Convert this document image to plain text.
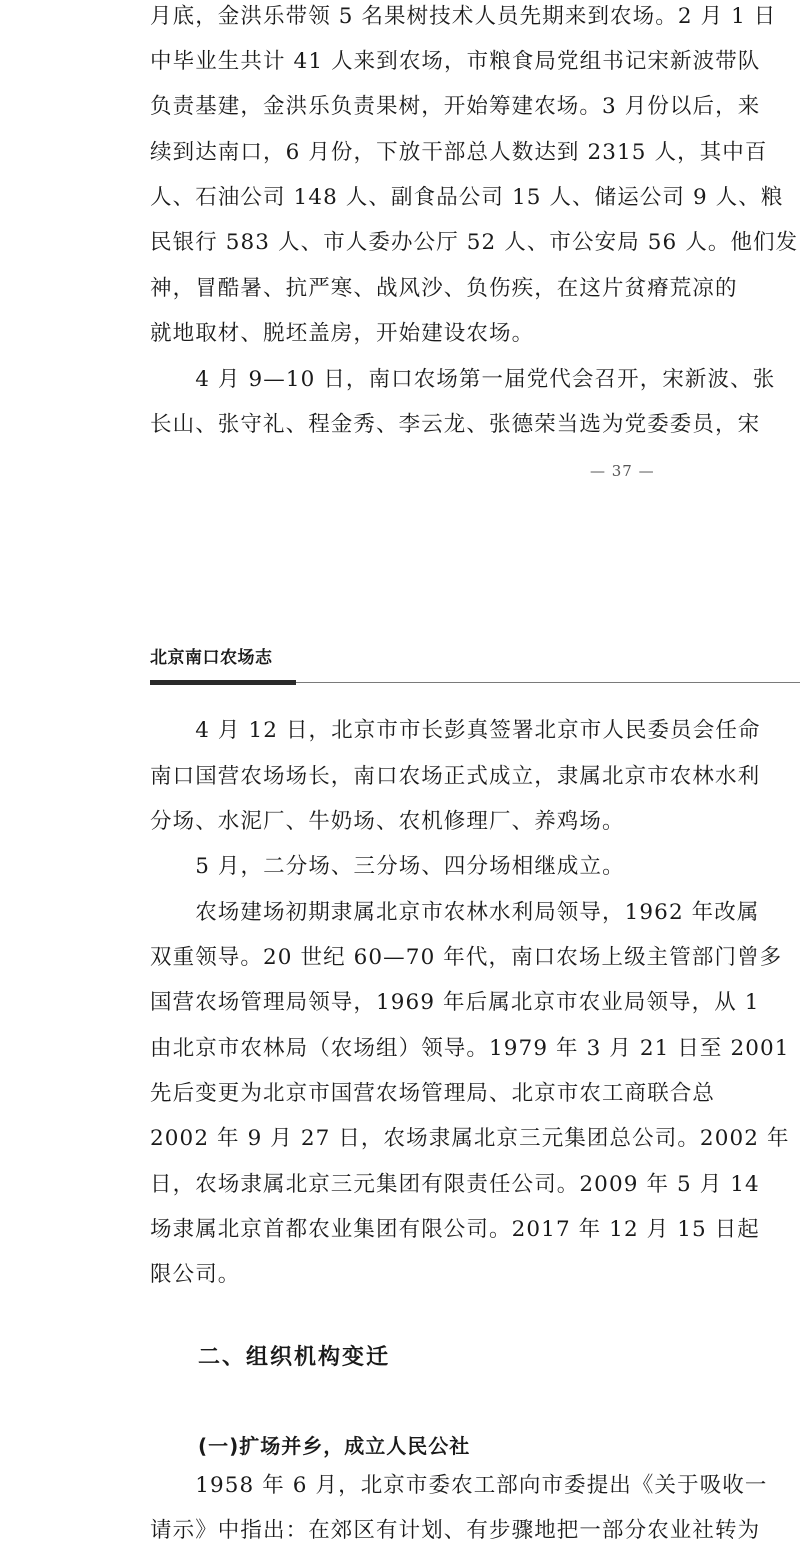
月底，金洪乐带领 5 名果树技术人员先期来到农场。2 月 1 日
中毕业生共计 41 人来到农场，市粮食局党组书记宋新波带队
负责基建，金洪乐负责果树，开始筹建农场。3 月份以后，来
续到达南口，6 月份，下放干部总人数达到 2315 人，其中百
人、石油公司 148 人、副食品公司 15 人、储运公司 9 人、粮
民银行 583 人、市人委办公厅 52 人、市公安局 56 人。他们发
神，冒酷暑、抗严寒、战风沙、负伤疾，在这片贫瘠荒凉的
就地取材、脱坯盖房，开始建设农场。
　　4 月 9—10 日，南口农场第一届党代会召开，宋新波、张
长山、张守礼、程金秀、李云龙、张德荣当选为党委委员，宋
— 37 —
北京南口农场志
　　4 月 12 日，北京市市长彭真签署北京市人民委员会任命
南口国营农场场长，南口农场正式成立，隶属北京市农林水利
分场、水泥厂、牛奶场、农机修理厂、养鸡场。
　　5 月，二分场、三分场、四分场相继成立。
　　农场建场初期隶属北京市农林水利局领导，1962 年改属
双重领导。20 世纪 60—70 年代，南口农场上级主管部门曾多
国营农场管理局领导，1969 年后属北京市农业局领导，从 1
由北京市农林局（农场组）领导。1979 年 3 月 21 日至 2001
先后变更为北京市国营农场管理局、北京市农工商联合总
2002 年 9 月 27 日，农场隶属北京三元集团总公司。2002 年
日，农场隶属北京三元集团有限责任公司。2009 年 5 月 14
场隶属北京首都农业集团有限公司。2017 年 12 月 15 日起
限公司。
二、组织机构变迁
(一)扩场并乡，成立人民公社
　　1958 年 6 月，北京市委农工部向市委提出《关于吸收一
请示》中指出：在郊区有计划、有步骤地把一部分农业社转为
